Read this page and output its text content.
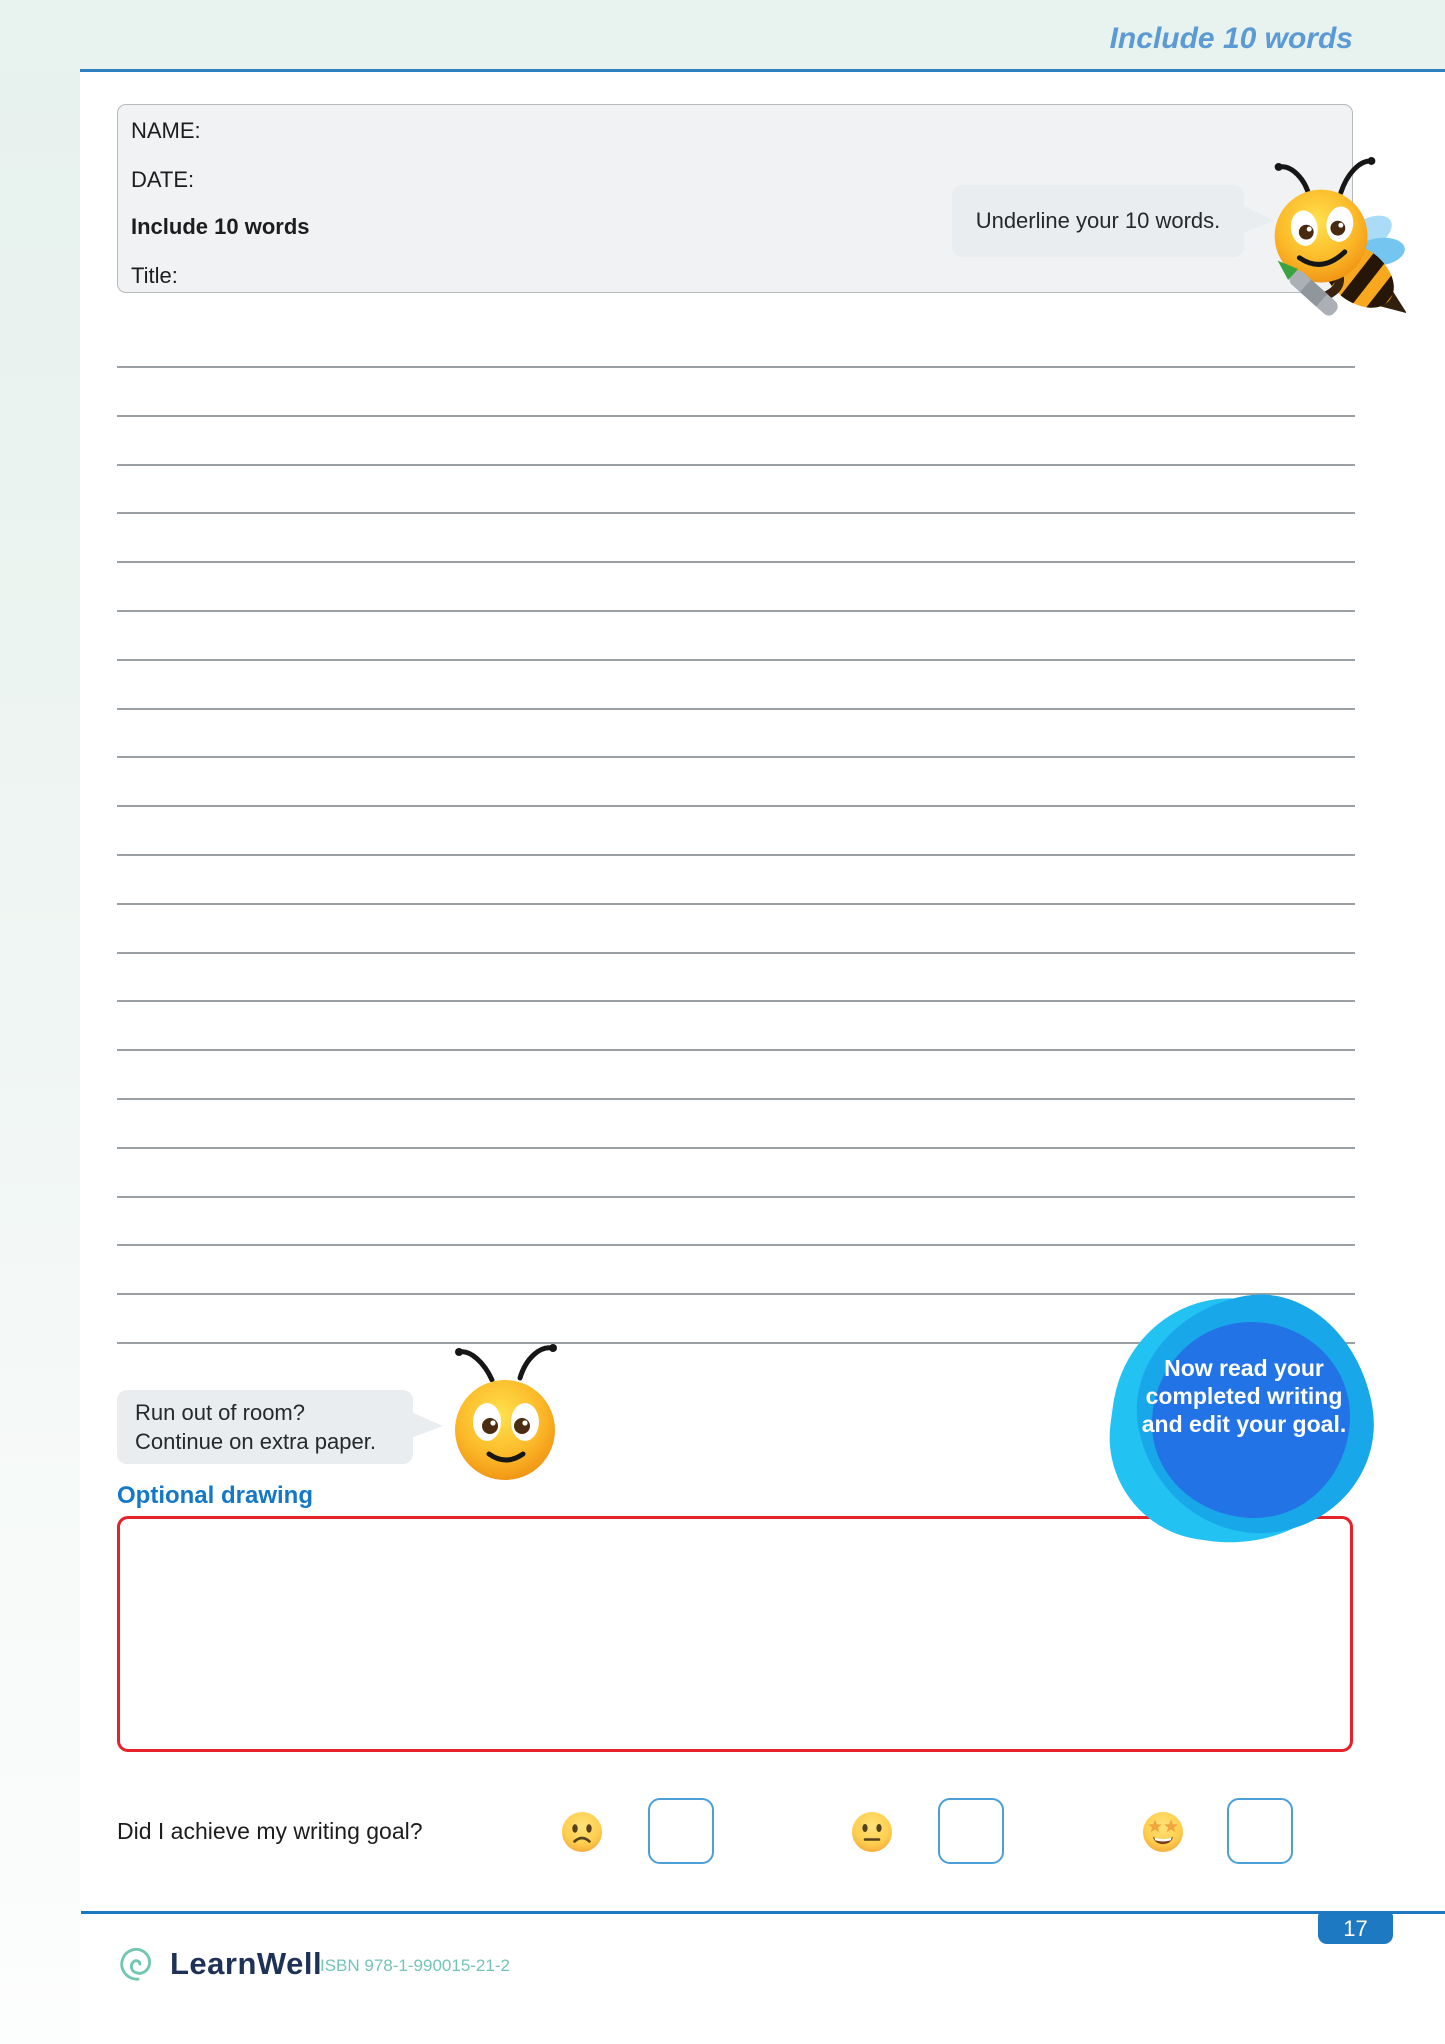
Include 10 words
NAME:
DATE:
Include 10 words
Title:
Underline your 10 words.
Now read your completed writing and edit your goal.
Run out of room?
Continue on extra paper.
Optional drawing
Did I achieve my writing goal?
17
LearnWell
ISBN 978-1-990015-21-2
